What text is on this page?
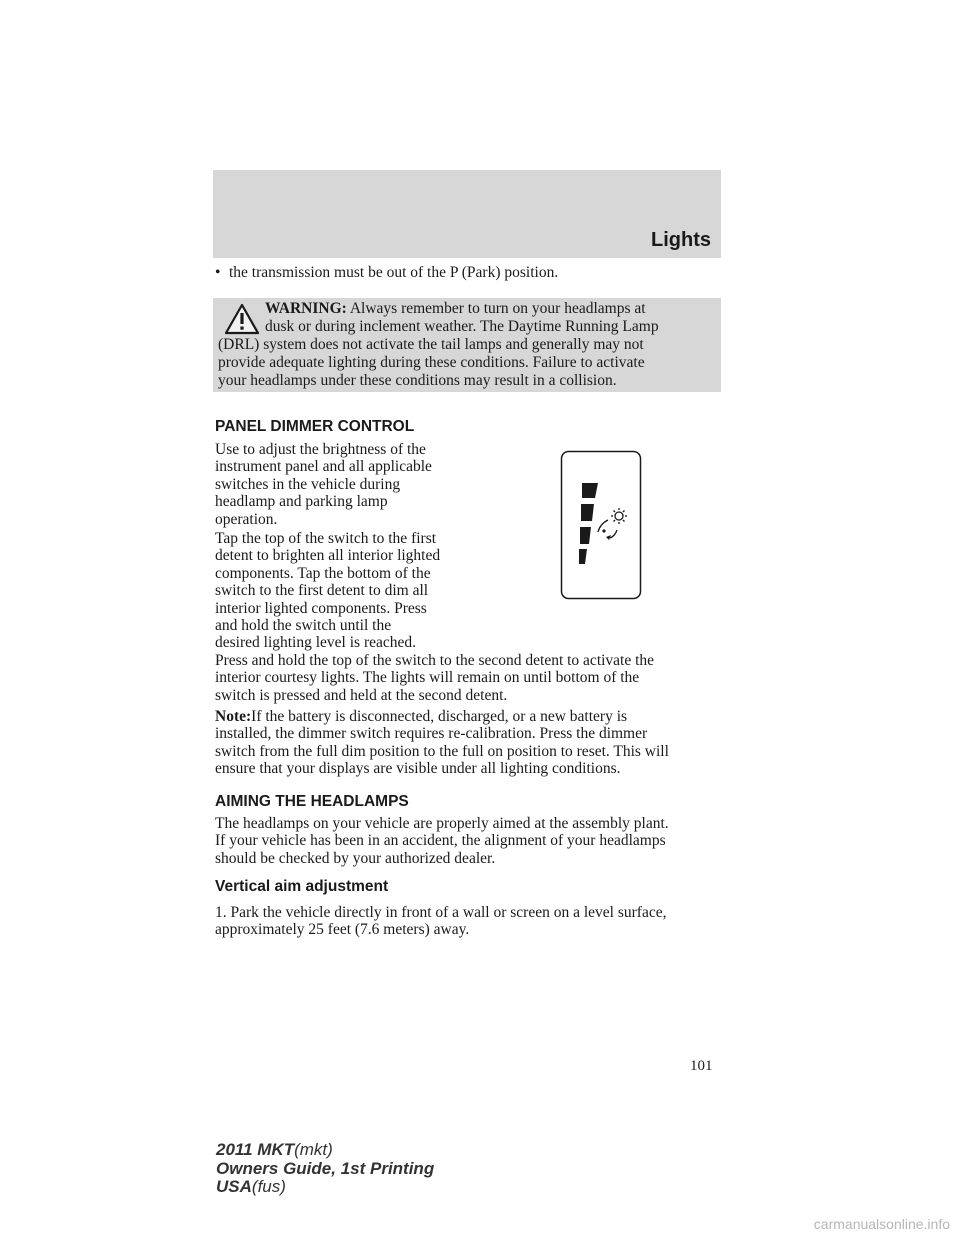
Lights
• the transmission must be out of the P (Park) position.
WARNING: Always remember to turn on your headlamps at
dusk or during inclement weather. The Daytime Running Lamp
(DRL) system does not activate the tail lamps and generally may not
provide adequate lighting during these conditions. Failure to activate
your headlamps under these conditions may result in a collision.
PANEL DIMMER CONTROL
Use to adjust the brightness of the
instrument panel and all applicable
switches in the vehicle during
headlamp and parking lamp
operation.
Tap the top of the switch to the first
detent to brighten all interior lighted
components. Tap the bottom of the
switch to the first detent to dim all
interior lighted components. Press
and hold the switch until the
desired lighting level is reached.
Press and hold the top of the switch to the second detent to activate the
interior courtesy lights. The lights will remain on until bottom of the
switch is pressed and held at the second detent.
Note:If the battery is disconnected, discharged, or a new battery is
installed, the dimmer switch requires re-calibration. Press the dimmer
switch from the full dim position to the full on position to reset. This will
ensure that your displays are visible under all lighting conditions.
AIMING THE HEADLAMPS
The headlamps on your vehicle are properly aimed at the assembly plant.
If your vehicle has been in an accident, the alignment of your headlamps
should be checked by your authorized dealer.
Vertical aim adjustment
1. Park the vehicle directly in front of a wall or screen on a level surface,
approximately 25 feet (7.6 meters) away.
101
2011 MKT(mkt)
Owners Guide, 1st Printing
USA(fus)
carmanualsonline.info
